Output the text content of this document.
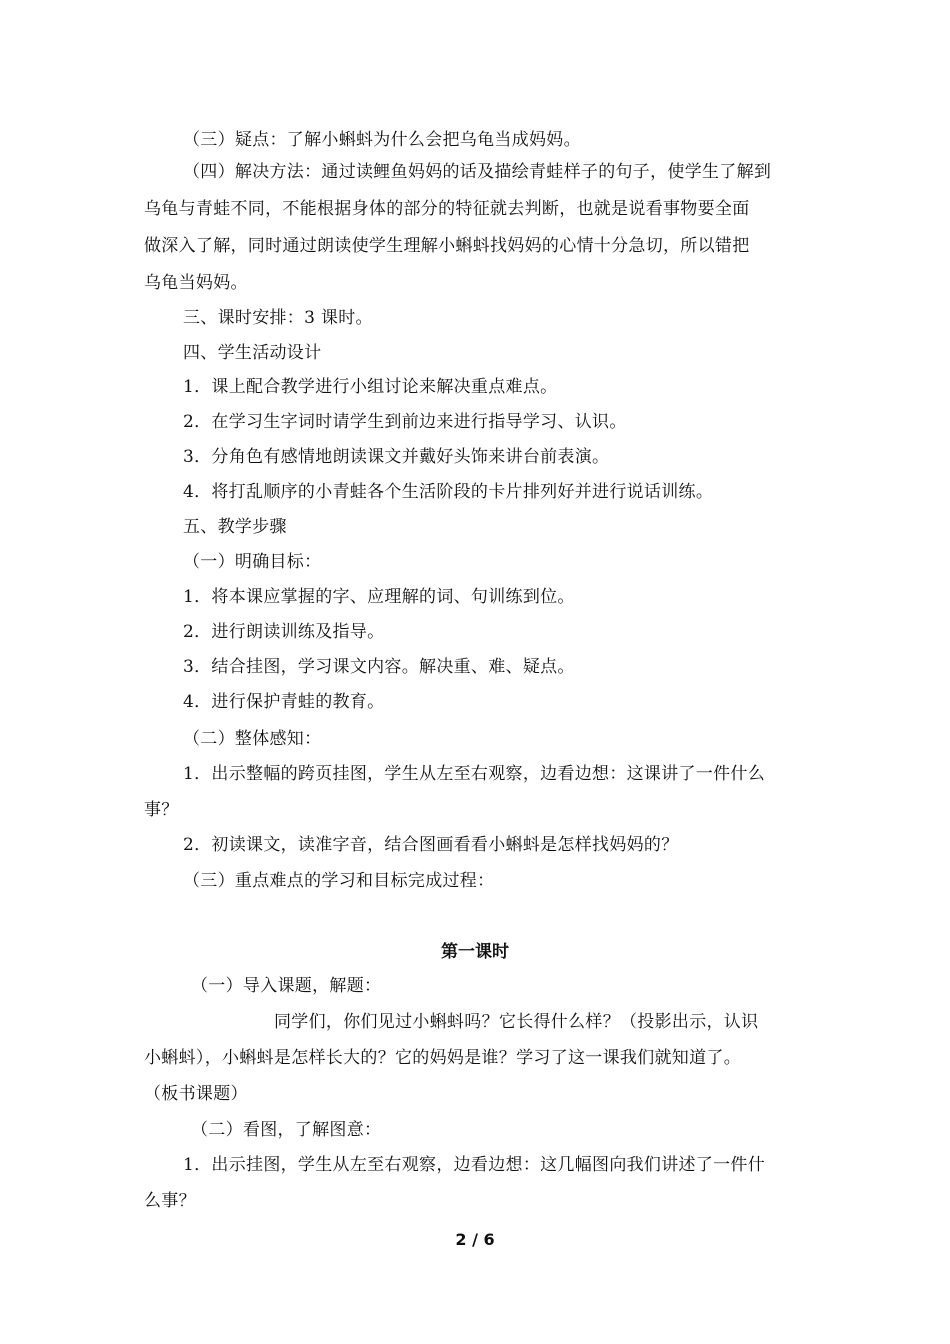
（三）疑点：了解小蝌蚪为什么会把乌龟当成妈妈。
（四）解决方法：通过读鲤鱼妈妈的话及描绘青蛙样子的句子，使学生了解到
乌龟与青蛙不同，不能根据身体的部分的特征就去判断，也就是说看事物要全面
做深入了解，同时通过朗读使学生理解小蝌蚪找妈妈的心情十分急切，所以错把
乌龟当妈妈。
三、课时安排：3 课时。
四、学生活动设计
1．课上配合教学进行小组讨论来解决重点难点。
2．在学习生字词时请学生到前边来进行指导学习、认识。
3．分角色有感情地朗读课文并戴好头饰来讲台前表演。
4．将打乱顺序的小青蛙各个生活阶段的卡片排列好并进行说话训练。
五、教学步骤
（一）明确目标：
1．将本课应掌握的字、应理解的词、句训练到位。
2．进行朗读训练及指导。
3．结合挂图，学习课文内容。解决重、难、疑点。
4．进行保护青蛙的教育。
（二）整体感知：
1．出示整幅的跨页挂图，学生从左至右观察，边看边想：这课讲了一件什么
事？
2．初读课文，读准字音，结合图画看看小蝌蚪是怎样找妈妈的？
（三）重点难点的学习和目标完成过程：
第一课时
（一）导入课题，解题：
同学们，你们见过小蝌蚪吗？它长得什么样？（投影出示，认识
小蝌蚪），小蝌蚪是怎样长大的？它的妈妈是谁？学习了这一课我们就知道了。
（板书课题）
（二）看图，了解图意：
1．出示挂图，学生从左至右观察，边看边想：这几幅图向我们讲述了一件什
么事？
2 / 6
